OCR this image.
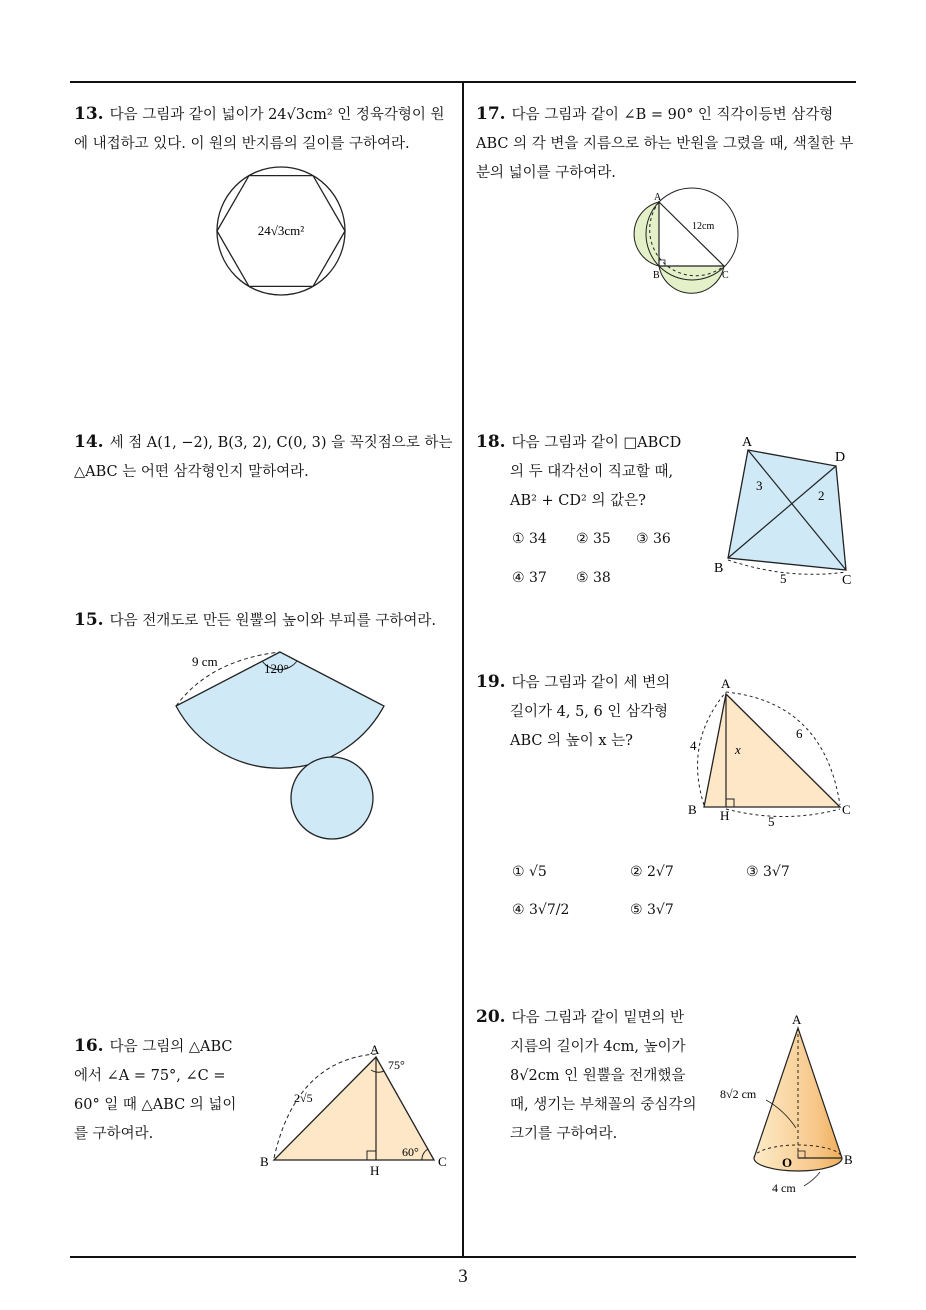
3
13. 다음 그림과 같이 넓이가 24√3cm² 인 정육각형이 원에 내접하고 있다. 이 원의 반지름의 길이를 구하여라.
24√3cm²
14. 세 점 A(1, −2), B(3, 2), C(0, 3) 을 꼭짓점으로 하는 △ABC 는 어떤 삼각형인지 말하여라.
15. 다음 전개도로 만든 원뿔의 높이와 부피를 구하여라.
9 cm	120°
16. 다음 그림의 △ABC 에서 ∠A = 75°, ∠C = 60° 일 때 △ABC 의 넓이를 구하여라.
A
B	C
H
75°
60°
2√5
17. 다음 그림과 같이 ∠B = 90° 인 직각이등변 삼각형 ABC 의 각 변을 지름으로 하는 반원을 그렸을 때, 색칠한 부분의 넓이를 구하여라.
A
B	C
12cm
18. 다음 그림과 같이 □ABCD
의 두 대각선이 직교할 때,
AB² + CD² 의 값은?
① 34 ② 35 ③ 36
④ 37 ⑤ 38
A
D
B
C
3
2
5
19. 다음 그림과 같이 세 변의
길이가 4, 5, 6 인 삼각형
ABC 의 높이 x 는?
A
B	C
H
4
6
5
x
① √5	② 2√7	③ 3√7
④ 3√7/2	⑤ 3√7
20. 다음 그림과 같이 밑면의 반
지름의 길이가 4cm, 높이가
8√2cm 인 원뿔을 전개했을
때, 생기는 부채꼴의 중심각의
크기를 구하여라.
A
B
O
8√2 cm
4 cm
